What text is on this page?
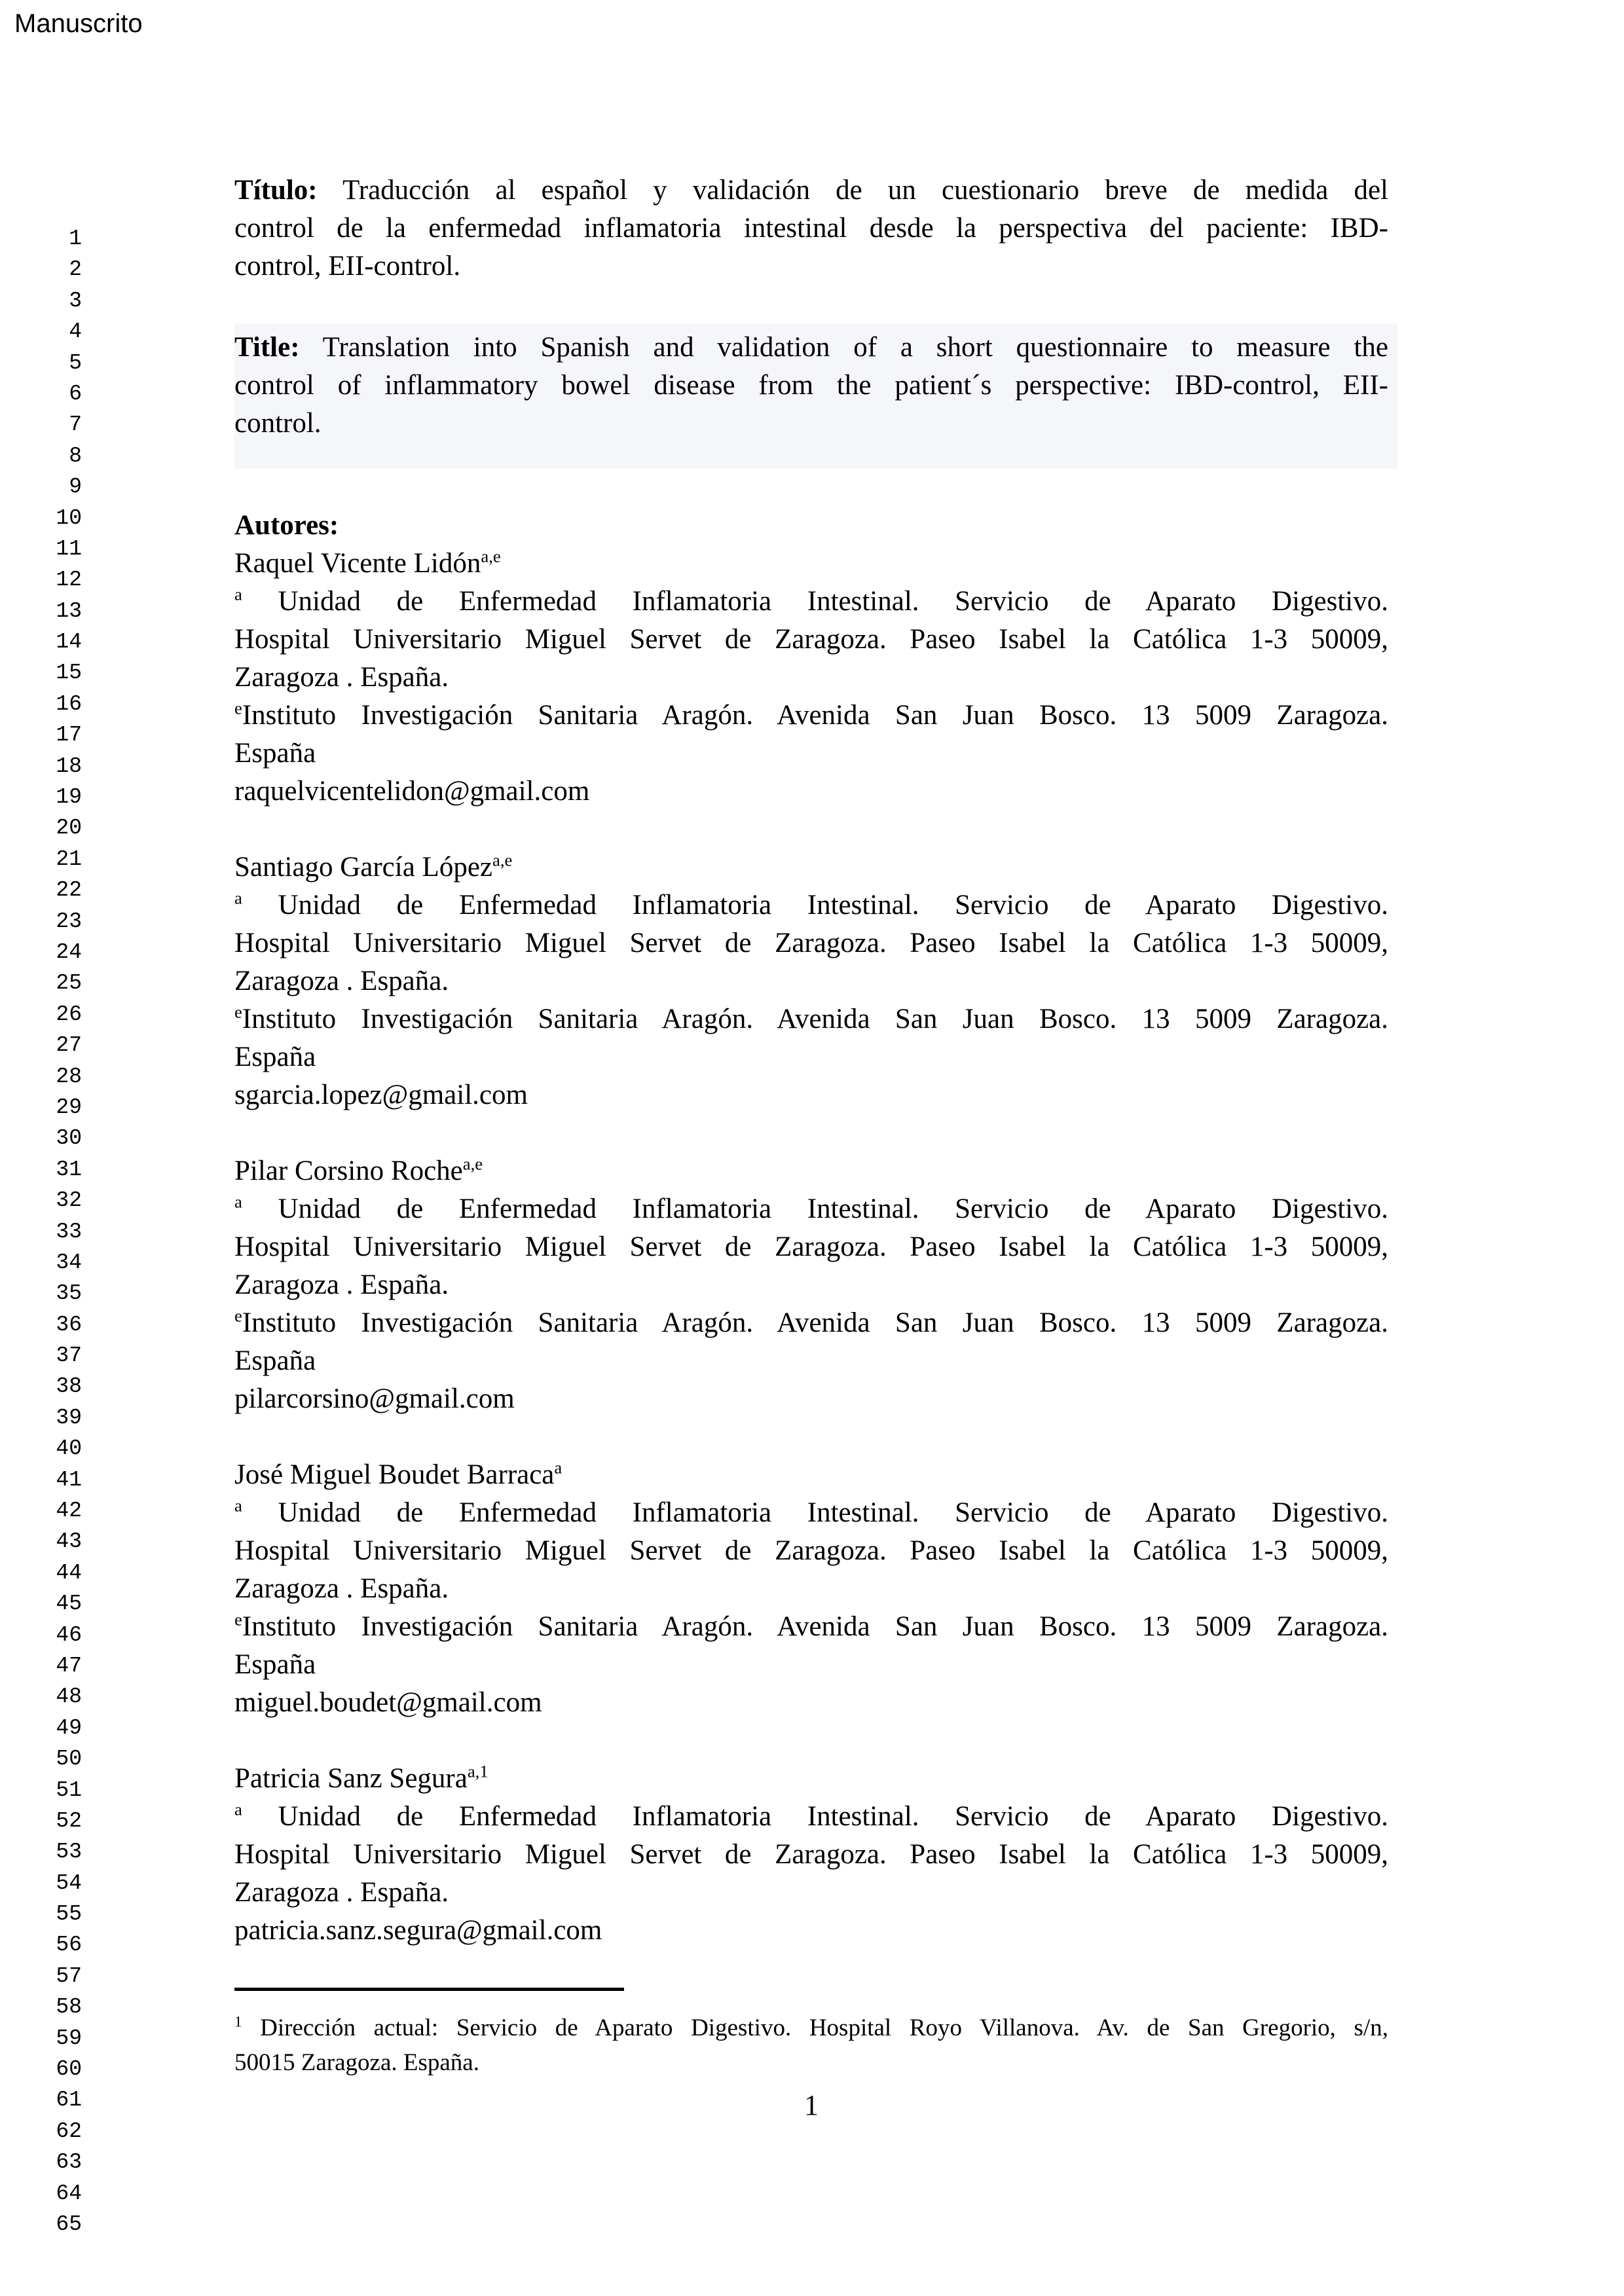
Manuscrito
1
2
3
4
5
6
7
8
9
10
11
12
13
14
15
16
17
18
19
20
21
22
23
24
25
26
27
28
29
30
31
32
33
34
35
36
37
38
39
40
41
42
43
44
45
46
47
48
49
50
51
52
53
54
55
56
57
58
59
60
61
62
63
64
65
Título: Traducción al español y validación de un cuestionario breve de medida del
control de la enfermedad inflamatoria intestinal desde la perspectiva del paciente: IBD-
control, EII-control.
Title: Translation into Spanish and validation of a short questionnaire to measure the
control of inflammatory bowel disease from the patient´s perspective: IBD-control, EII-
control.
Autores:
Raquel Vicente Lidón$^{a,e}$
$^a$ Unidad de Enfermedad Inflamatoria Intestinal. Servicio de Aparato Digestivo.
Hospital Universitario Miguel Servet de Zaragoza. Paseo Isabel la Católica 1-3 50009,
Zaragoza . España.
$^e$Instituto Investigación Sanitaria Aragón. Avenida San Juan Bosco. 13 5009 Zaragoza.
España
raquelvicentelidon@gmail.com
Santiago García López$^{a,e}$
$^a$ Unidad de Enfermedad Inflamatoria Intestinal. Servicio de Aparato Digestivo.
Hospital Universitario Miguel Servet de Zaragoza. Paseo Isabel la Católica 1-3 50009,
Zaragoza . España.
$^e$Instituto Investigación Sanitaria Aragón. Avenida San Juan Bosco. 13 5009 Zaragoza.
España
sgarcia.lopez@gmail.com
Pilar Corsino Roche$^{a,e}$
$^a$ Unidad de Enfermedad Inflamatoria Intestinal. Servicio de Aparato Digestivo.
Hospital Universitario Miguel Servet de Zaragoza. Paseo Isabel la Católica 1-3 50009,
Zaragoza . España.
$^e$Instituto Investigación Sanitaria Aragón. Avenida San Juan Bosco. 13 5009 Zaragoza.
España
pilarcorsino@gmail.com
José Miguel Boudet Barraca$^a$
$^a$ Unidad de Enfermedad Inflamatoria Intestinal. Servicio de Aparato Digestivo.
Hospital Universitario Miguel Servet de Zaragoza. Paseo Isabel la Católica 1-3 50009,
Zaragoza . España.
$^e$Instituto Investigación Sanitaria Aragón. Avenida San Juan Bosco. 13 5009 Zaragoza.
España
miguel.boudet@gmail.com
Patricia Sanz Segura$^{a,1}$
$^a$ Unidad de Enfermedad Inflamatoria Intestinal. Servicio de Aparato Digestivo.
Hospital Universitario Miguel Servet de Zaragoza. Paseo Isabel la Católica 1-3 50009,
Zaragoza . España.
patricia.sanz.segura@gmail.com
$^1$ Dirección actual: Servicio de Aparato Digestivo. Hospital Royo Villanova. Av. de San Gregorio, s/n,
50015 Zaragoza. España.
1
